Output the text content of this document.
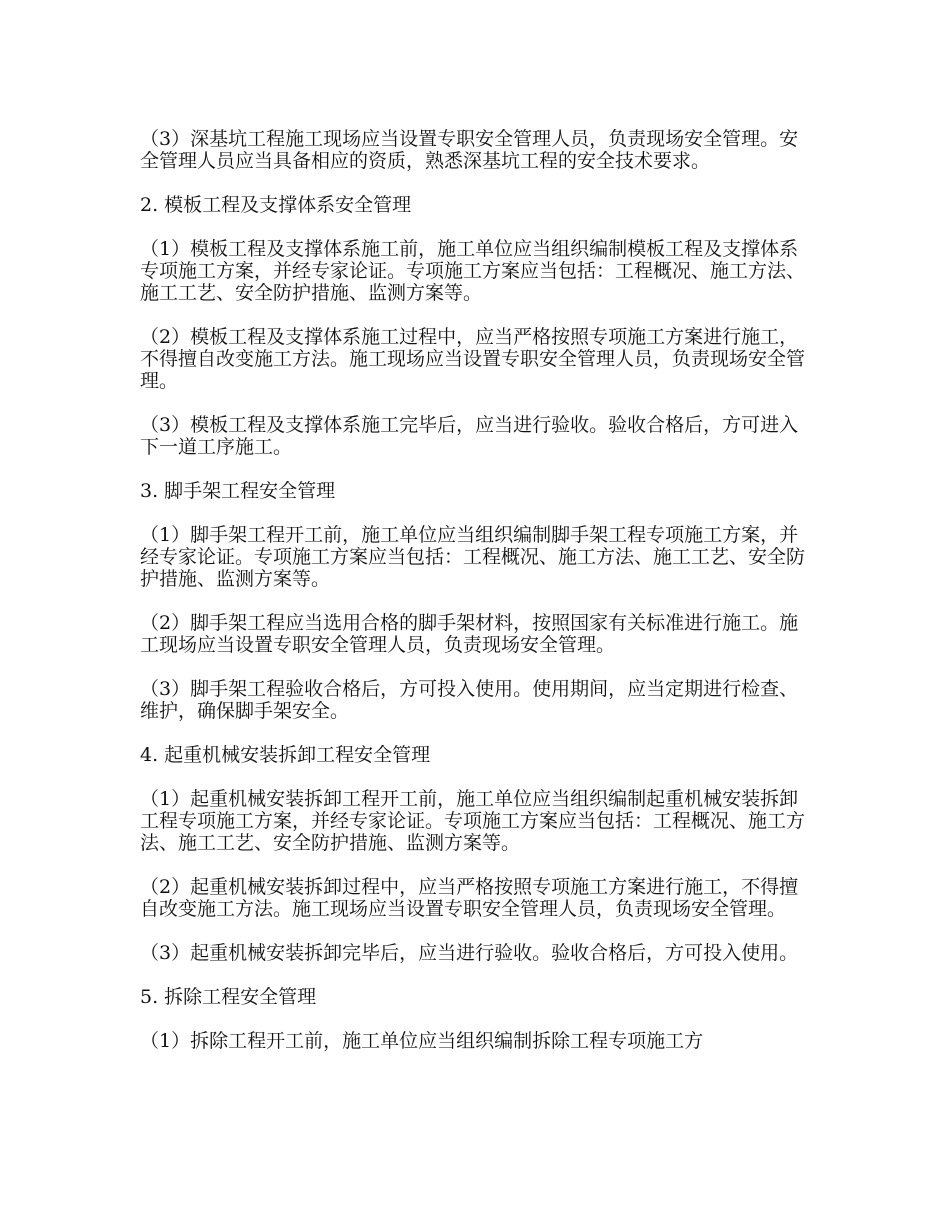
（3）深基坑工程施工现场应当设置专职安全管理人员，负责现场安全管理。安全管理人员应当具备相应的资质，熟悉深基坑工程的安全技术要求。

2. 模板工程及支撑体系安全管理

（1）模板工程及支撑体系施工前，施工单位应当组织编制模板工程及支撑体系专项施工方案，并经专家论证。专项施工方案应当包括：工程概况、施工方法、施工工艺、安全防护措施、监测方案等。

（2）模板工程及支撑体系施工过程中，应当严格按照专项施工方案进行施工，不得擅自改变施工方法。施工现场应当设置专职安全管理人员，负责现场安全管理。

（3）模板工程及支撑体系施工完毕后，应当进行验收。验收合格后，方可进入下一道工序施工。

3. 脚手架工程安全管理

（1）脚手架工程开工前，施工单位应当组织编制脚手架工程专项施工方案，并经专家论证。专项施工方案应当包括：工程概况、施工方法、施工工艺、安全防护措施、监测方案等。

（2）脚手架工程应当选用合格的脚手架材料，按照国家有关标准进行施工。施工现场应当设置专职安全管理人员，负责现场安全管理。

（3）脚手架工程验收合格后，方可投入使用。使用期间，应当定期进行检查、维护，确保脚手架安全。

4. 起重机械安装拆卸工程安全管理

（1）起重机械安装拆卸工程开工前，施工单位应当组织编制起重机械安装拆卸工程专项施工方案，并经专家论证。专项施工方案应当包括：工程概况、施工方法、施工工艺、安全防护措施、监测方案等。

（2）起重机械安装拆卸过程中，应当严格按照专项施工方案进行施工，不得擅自改变施工方法。施工现场应当设置专职安全管理人员，负责现场安全管理。

（3）起重机械安装拆卸完毕后，应当进行验收。验收合格后，方可投入使用。

5. 拆除工程安全管理

（1）拆除工程开工前，施工单位应当组织编制拆除工程专项施工方
